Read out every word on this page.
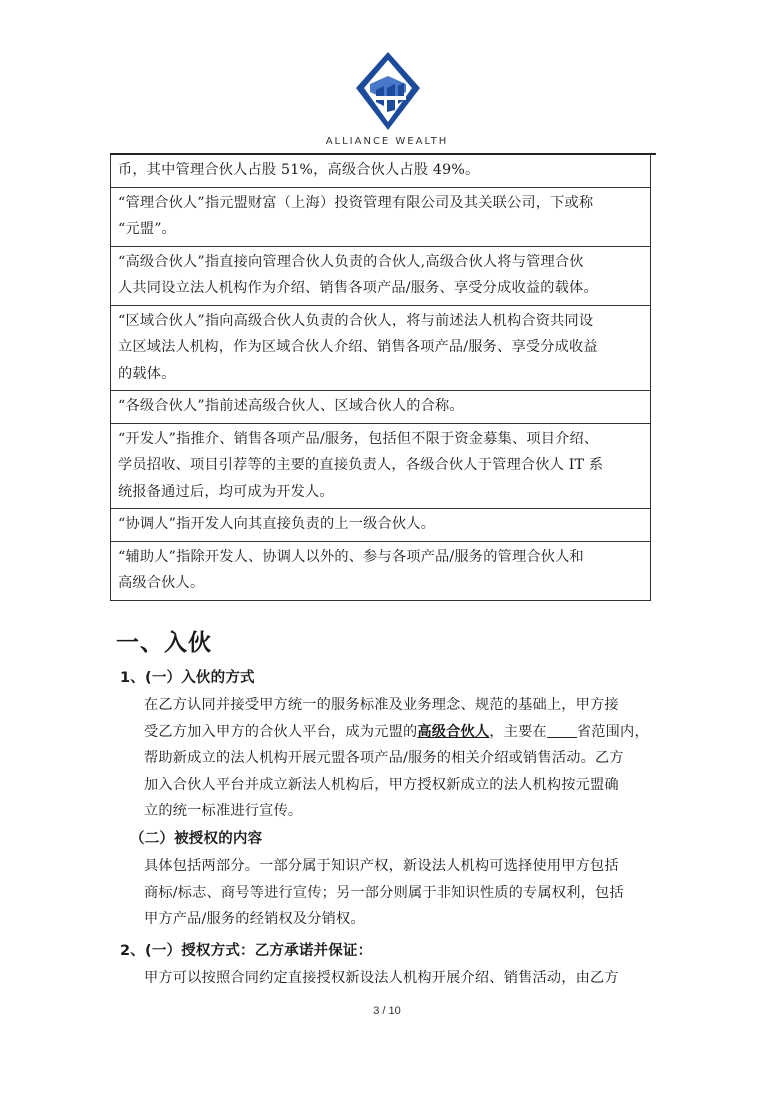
ALLIANCE WEALTH
币，其中管理合伙人占股 51%，高级合伙人占股 49%。
“管理合伙人”指元盟财富（上海）投资管理有限公司及其关联公司，下或称
“元盟”。
“高级合伙人”指直接向管理合伙人负责的合伙人,高级合伙人将与管理合伙
人共同设立法人机构作为介绍、销售各项产品/服务、享受分成收益的载体。
“区域合伙人”指向高级合伙人负责的合伙人，将与前述法人机构合资共同设
立区域法人机构，作为区域合伙人介绍、销售各项产品/服务、享受分成收益
的载体。
“各级合伙人”指前述高级合伙人、区域合伙人的合称。
“开发人”指推介、销售各项产品/服务，包括但不限于资金募集、项目介绍、
学员招收、项目引荐等的主要的直接负责人，各级合伙人于管理合伙人 IT 系
统报备通过后，均可成为开发人。
“协调人”指开发人向其直接负责的上一级合伙人。
“辅助人”指除开发人、协调人以外的、参与各项产品/服务的管理合伙人和
高级合伙人。
一、入伙
1、(一）入伙的方式
在乙方认同并接受甲方统一的服务标准及业务理念、规范的基础上，甲方接
受乙方加入甲方的合伙人平台，成为元盟的高级合伙人，主要在 省范围内，
帮助新成立的法人机构开展元盟各项产品/服务的相关介绍或销售活动。乙方
加入合伙人平台并成立新法人机构后，甲方授权新成立的法人机构按元盟确
立的统一标准进行宣传。
（二）被授权的内容
具体包括两部分。一部分属于知识产权，新设法人机构可选择使用甲方包括
商标/标志、商号等进行宣传；另一部分则属于非知识性质的专属权利，包括
甲方产品/服务的经销权及分销权。
2、(一）授权方式：乙方承诺并保证：
甲方可以按照合同约定直接授权新设法人机构开展介绍、销售活动，由乙方
3 / 10
